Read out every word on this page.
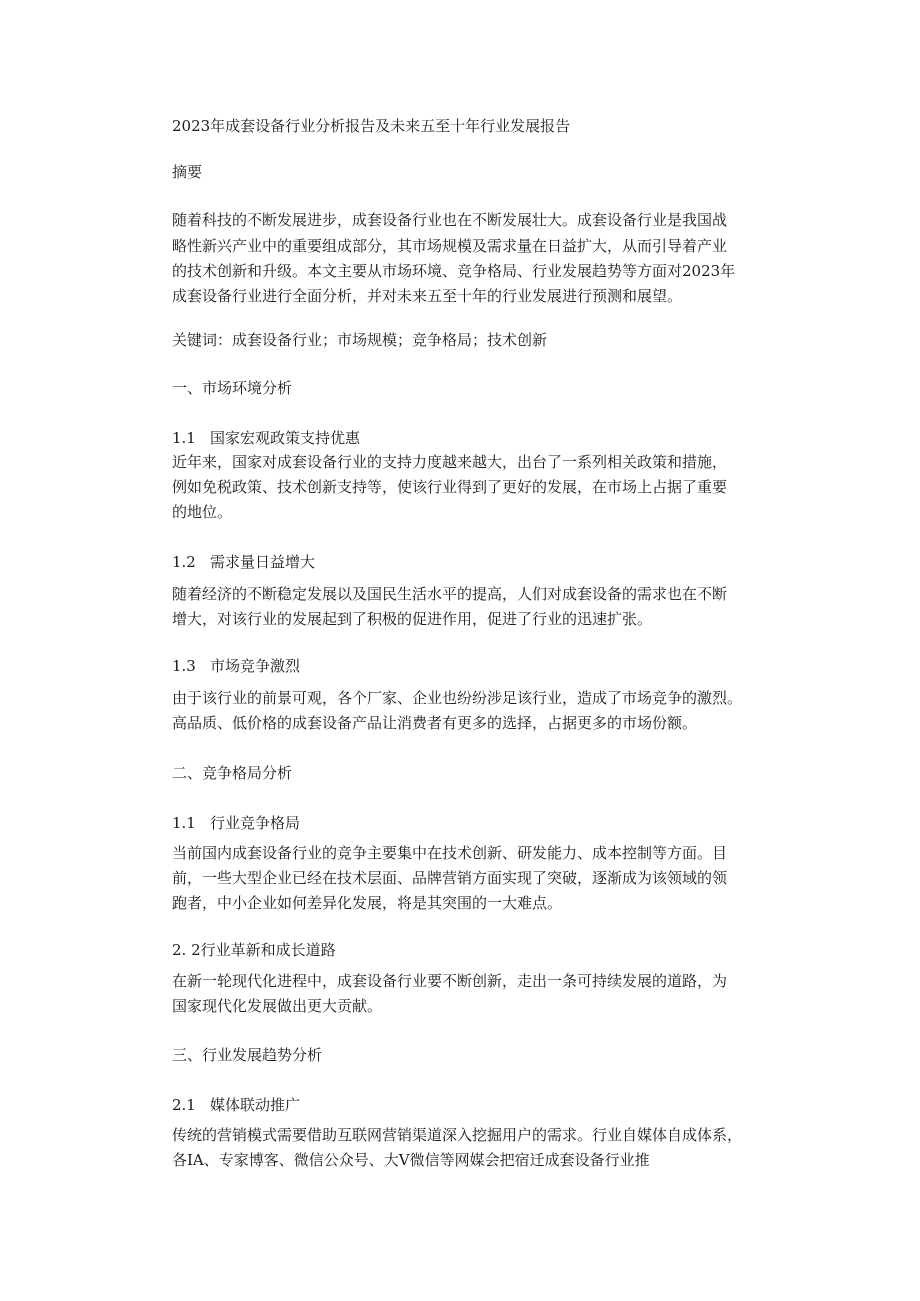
2023年成套设备行业分析报告及未来五至十年行业发展报告
摘要
随着科技的不断发展进步，成套设备行业也在不断发展壮大。成套设备行业是我国战
略性新兴产业中的重要组成部分，其市场规模及需求量在日益扩大，从而引导着产业
的技术创新和升级。本文主要从市场环境、竞争格局、行业发展趋势等方面对2023年
成套设备行业进行全面分析，并对未来五至十年的行业发展进行预测和展望。
关键词：成套设备行业；市场规模；竞争格局；技术创新
一、市场环境分析
1.1 国家宏观政策支持优惠
近年来，国家对成套设备行业的支持力度越来越大，出台了一系列相关政策和措施，
例如免税政策、技术创新支持等，使该行业得到了更好的发展，在市场上占据了重要
的地位。
1.2 需求量日益增大
随着经济的不断稳定发展以及国民生活水平的提高，人们对成套设备的需求也在不断
增大，对该行业的发展起到了积极的促进作用，促进了行业的迅速扩张。
1.3 市场竞争激烈
由于该行业的前景可观，各个厂家、企业也纷纷涉足该行业，造成了市场竞争的激烈。
高品质、低价格的成套设备产品让消费者有更多的选择，占据更多的市场份额。
二、竞争格局分析
1.1 行业竞争格局
当前国内成套设备行业的竞争主要集中在技术创新、研发能力、成本控制等方面。目
前，一些大型企业已经在技术层面、品牌营销方面实现了突破，逐渐成为该领域的领
跑者，中小企业如何差异化发展，将是其突围的一大难点。
2. 2行业革新和成长道路
在新一轮现代化进程中，成套设备行业要不断创新，走出一条可持续发展的道路，为
国家现代化发展做出更大贡献。
三、行业发展趋势分析
2.1 媒体联动推广
传统的营销模式需要借助互联网营销渠道深入挖掘用户的需求。行业自媒体自成体系，
各IA、专家博客、微信公众号、大V微信等网媒会把宿迁成套设备行业推
